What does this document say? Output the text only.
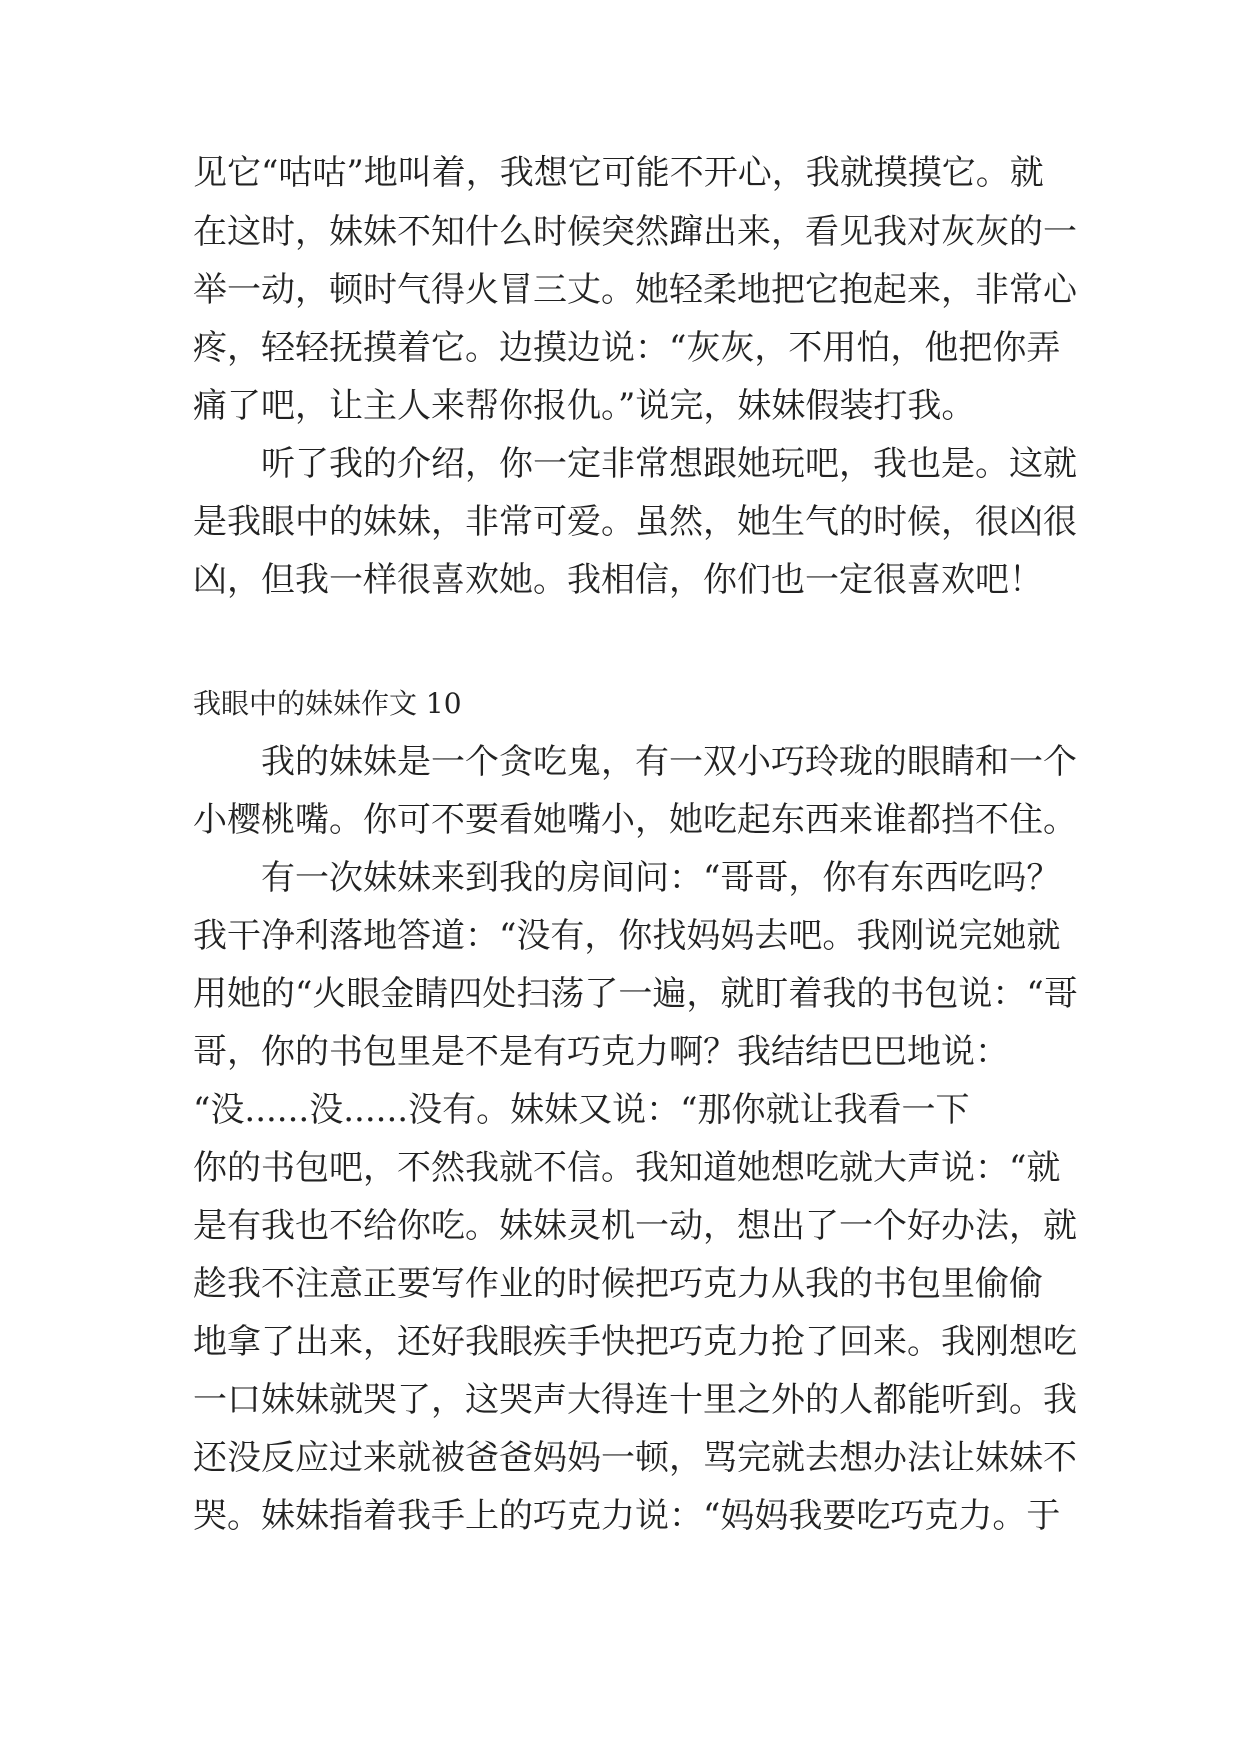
见它“咕咕”地叫着，我想它可能不开心，我就摸摸它。就
在这时，妹妹不知什么时候突然蹿出来，看见我对灰灰的一
举一动，顿时气得火冒三丈。她轻柔地把它抱起来，非常心
疼，轻轻抚摸着它。边摸边说：“灰灰，不用怕，他把你弄
痛了吧，让主人来帮你报仇。”说完，妹妹假装打我。
听了我的介绍，你一定非常想跟她玩吧，我也是。这就
是我眼中的妹妹，非常可爱。虽然，她生气的时候，很凶很
凶，但我一样很喜欢她。我相信，你们也一定很喜欢吧！
我眼中的妹妹作文 10
我的妹妹是一个贪吃鬼，有一双小巧玲珑的眼睛和一个
小樱桃嘴。你可不要看她嘴小，她吃起东西来谁都挡不住。
有一次妹妹来到我的房间问：“哥哥，你有东西吃吗？
我干净利落地答道：“没有，你找妈妈去吧。我刚说完她就
用她的“火眼金睛四处扫荡了一遍，就盯着我的书包说：“哥
哥，你的书包里是不是有巧克力啊？我结结巴巴地说：
“没......没......没有。妹妹又说：“那你就让我看一下
你的书包吧，不然我就不信。我知道她想吃就大声说：“就
是有我也不给你吃。妹妹灵机一动，想出了一个好办法，就
趁我不注意正要写作业的时候把巧克力从我的书包里偷偷
地拿了出来，还好我眼疾手快把巧克力抢了回来。我刚想吃
一口妹妹就哭了，这哭声大得连十里之外的人都能听到。我
还没反应过来就被爸爸妈妈一顿，骂完就去想办法让妹妹不
哭。妹妹指着我手上的巧克力说：“妈妈我要吃巧克力。于
